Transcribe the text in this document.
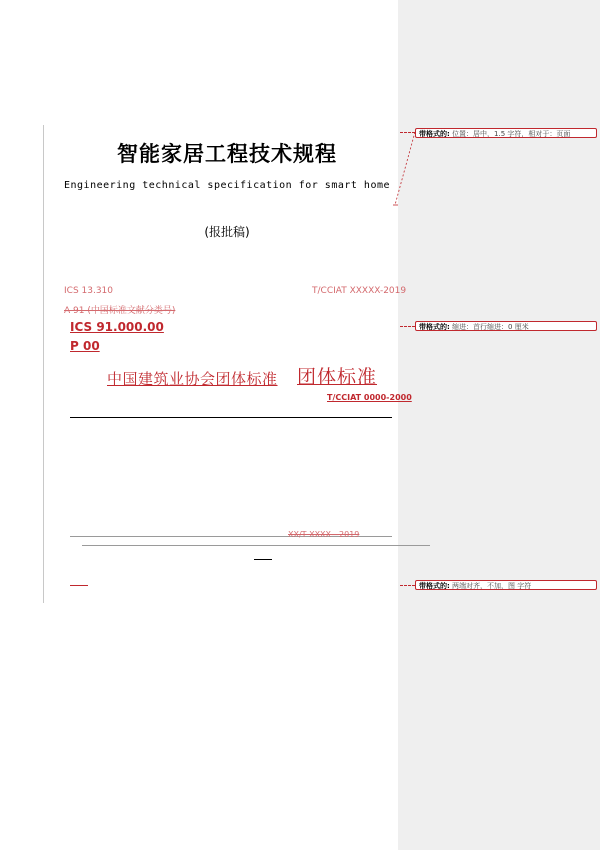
智能家居工程技术规程
Engineering technical specification for smart home
(报批稿)
ICS 13.310	T/CCIAT XXXXX-2019
A 91 (中国标准文献分类号)
ICS 91.000.00
P 00
中国建筑业协会团体标准 团体标准
T/CCIAT 0000-2000
XX/T XXXX—2019
带格式的: 位置：居中，1.5 字符，相对于：页面
带格式的: 缩进：首行缩进：0 厘米
带格式的: 两端对齐，不加，图 字符
